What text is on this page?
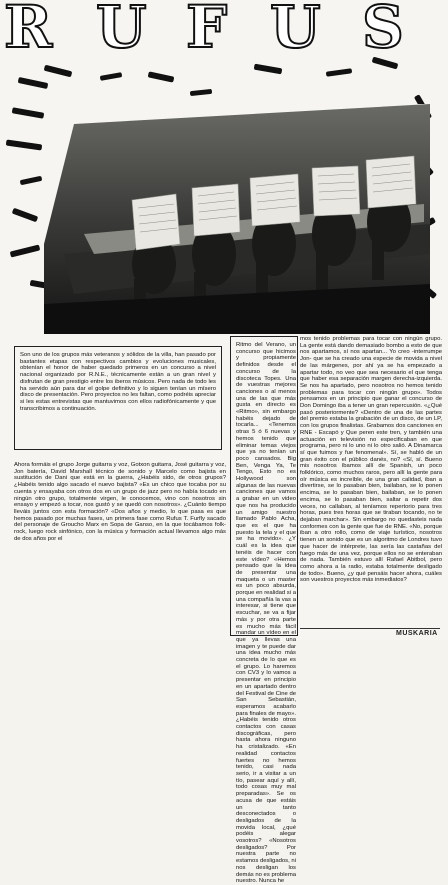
R U F U S

Son uno de los grupos más veteranos y sólidos de la villa, han pasado por bastantes etapas con respectivos cambios y evoluciones musicales, obtenían el honor de haber quedado primeros en un concurso a nivel nacional organizado por R.N.E., técnicamente están a un gran nivel y disfrutan de gran prestigio entre los iberos músicos. Pero nada de todo les ha servido aún para dar el golpe definitivo y lo siguen tenían un mísero disco de presentación. Pero proyectos no les faltan, como podréis apreciar si les estas entrevistas que mantuvimos con ellos radiofónicamente y que transcribimos a continuación.

Ahora formáis el grupo Jorge guitarra y voz, Gotxon guitarra, José guitarra y voz, Jon batería, David Marshall técnico de sonido y Marcelo como bajista en sustitución de Dani que está en la guerra, ¿Habéis sido, de otros grupos? ¿Habéis tenido algo sacado el nuevo bajista? «Es un chico que tocaba por su cuenta y ensayaba con otros dos en un grupo de jazz pero no había tocado en ningún otro grupo, totalmente virgen, le conocemos, vino con nosotros sin ensayo y empezó a tocar, nos gustó y se quedó con nosotros». ¿Cuánto tiempo lleváis juntos con esta formación? «Dos años y medio, lo que pasa es que hemos pasado por muchas fases, un primera fase como Rufus T. Furfly sacado del personaje de Groucho Marx en Sopa de Ganso, en la que tocábamos folk-rock, luego rock sinfónico, con la música y formación actual llevamos algo más de dos años por el

Ritmo del Verano, un concurso que hicimos y propiamente definidos desde el concurso de la discoteca Topes. Una de vuestras mejores canciones o al menos una de las que más gusta en directo es «Ritmo», sin embargo habéis dejado de tocarla... «Tenemos otras 5 ó 6 nuevas y hemos tenido que eliminar temas viejos que ya no tenían un poco cansados. Big Ben, Venga Ya, Te Tengo, Esto no es Hollywood son algunas de las nuevas canciones que vamos a grabar en un video que nos ha producido un amigo nuestro llamado Pablo Acha, que es el que ha puesto la tela y el que se ha movido». ¿Y cuál es la idea que tenéis de hacer con este vídeo? «Hemos pensado que la idea de presentar una maqueta o un master es un poco absurda, porque en realidad si a una compañía la vas a interesar, si tiene que escuchar, se va a fijar más y por otra parte es mucho más fácil mandar un vídeo en el que ya llevas una imagen y te puede dar una idea mucho más concreta de lo que es el grupo. Lo haremos con CV3 y lo vamos a presentar en principio en un apartado dentro del Festival de Cine de San Sebastián, esperamos acabarlo para finales de mayo». ¿Habéis tenido otros contactos con casas discográficas, pero hasta ahora ninguno ha cristalizado. «En realidad contactos fuertes no hemos tenido, casi nada serio, ir a visitar a un tío, pasear aquí y allí, todo cosas muy mal preparadas». Se os acusa de que estáis un tanto desconectados o desligados de la movida local, ¿qué podéis alegar vosotros? «Nosotros desligados? Por nuestra parte no estamos desligados, ni nos desligan los demás no es problema nuestro. Nunca he

mos tenido problemas para tocar con ningún grupo. La gente está dando demasiado bombo a esto de que nos apartamos, sí nos apartan... Yo creo -interrumpe Jon- que se ha creado una especie de movida a nivel de las márgenes, por ahí ya se ha empezado a apartar todo, no veo que sea necesario el que tenga que haber esa separación margen derecha-izquierda. Se nos ha apartado, pero nosotros no hemos tenido problemas para tocar con ningún grupo». Todos pensamos en un principio que ganar el concurso de Don Domingo iba a tener un gran repercusión. «¿Qué pasó posteriormente? «Dentro de una de las partes del premio estaba la grabación de un disco, de un LP, con los grupos finalistas. Grabamos dos canciones en RNE - Escapó y Que peren este tren, y también una actuación en televisión no especificaban en que programa, pero ni lo uno ni lo otro salió. A Dinamarca sí que fuimos y fue fenomenal». Sí, se habló de un gran éxito con el público danés, no? «Sí, sí. Bueno mis nosotros íbamos allí de Spanish, un poco folklórico, como muchos raros, pero allí la gente para oír música es increíble, de una gran calidad, iban a divertirse, se lo pasaban bien, bailaban, se lo ponen encima, se lo pasaban bien, bailaban, se lo ponen encima, se lo pasaban bien, saltar a repetir dos veces, no callaban, al teníamos repertorio para tres horas, pues tres horas que se tiraban tocando, no te dejaban marchar». Sin embargo no quedasteis nada conformes con la gente que fue de RNE. «No, porque iban a otro rollo, como de viaje turístico, nosotros tienen un sonido que es un algoritmo de Londres tuvo que hacer de intérprete, las sería las castañas del fuego más de una vez, porque ellos no se enteraban de nada. También estuvo allí Rafael Abitbol, pero como ahora a la radio, estaba totalmente desligado de todo». Bueno, ¿y qué pensáis hacer ahora, cuáles son vuestros proyectos más inmediatos?

MUSKARIA
